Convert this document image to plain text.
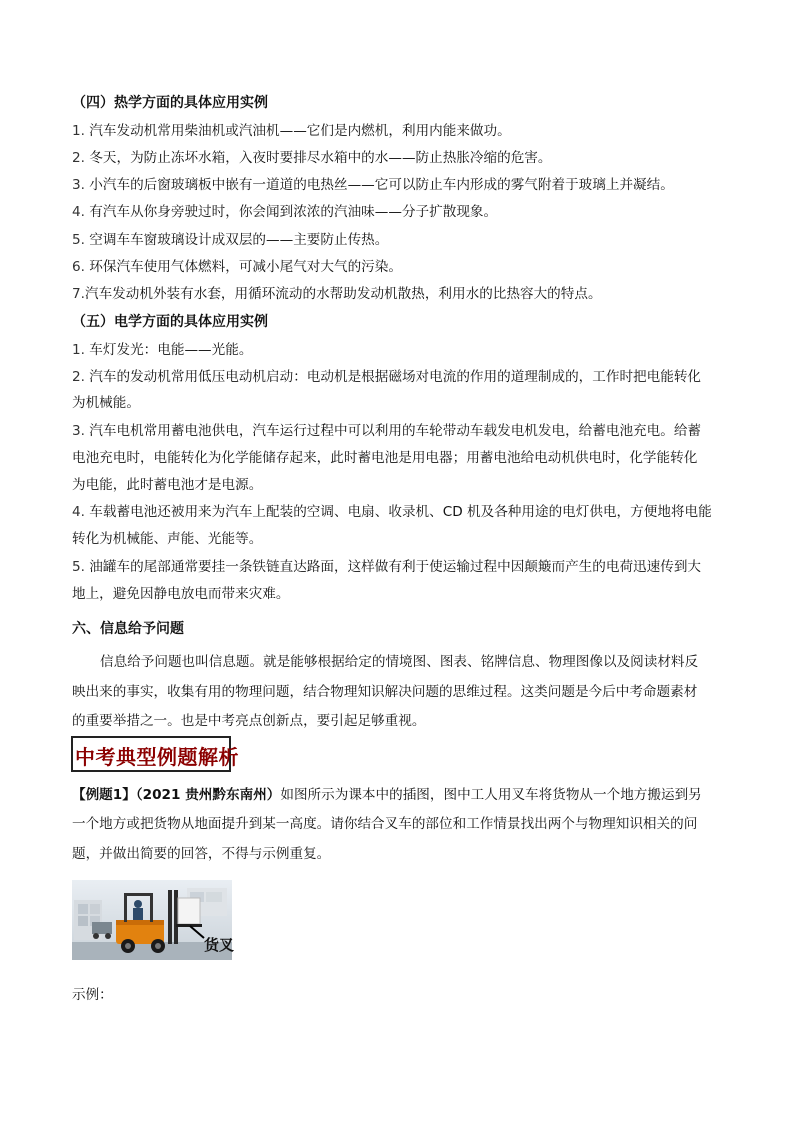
（四）热学方面的具体应用实例
1. 汽车发动机常用柴油机或汽油机——它们是内燃机，利用内能来做功。
2. 冬天，为防止冻坏水箱，入夜时要排尽水箱中的水——防止热胀冷缩的危害。
3. 小汽车的后窗玻璃板中嵌有一道道的电热丝——它可以防止车内形成的雾气附着于玻璃上并凝结。
4. 有汽车从你身旁驶过时，你会闻到浓浓的汽油味——分子扩散现象。
5. 空调车车窗玻璃设计成双层的——主要防止传热。
6. 环保汽车使用气体燃料，可减小尾气对大气的污染。
7.汽车发动机外装有水套，用循环流动的水帮助发动机散热，利用水的比热容大的特点。
（五）电学方面的具体应用实例
1. 车灯发光：电能——光能。
2. 汽车的发动机常用低压电动机启动：电动机是根据磁场对电流的作用的道理制成的，工作时把电能转化
为机械能。
3. 汽车电机常用蓄电池供电，汽车运行过程中可以利用的车轮带动车载发电机发电，给蓄电池充电。给蓄
电池充电时，电能转化为化学能储存起来，此时蓄电池是用电器；用蓄电池给电动机供电时，化学能转化
为电能，此时蓄电池才是电源。
4. 车载蓄电池还被用来为汽车上配装的空调、电扇、收录机、CD 机及各种用途的电灯供电，方便地将电能
转化为机械能、声能、光能等。
5. 油罐车的尾部通常要挂一条铁链直达路面，这样做有利于使运输过程中因颠簸而产生的电荷迅速传到大
地上，避免因静电放电而带来灾难。
六、信息给予问题
信息给予问题也叫信息题。就是能够根据给定的情境图、图表、铭牌信息、物理图像以及阅读材料反
映出来的事实，收集有用的物理问题，结合物理知识解决问题的思维过程。这类问题是今后中考命题素材
的重要举措之一。也是中考亮点创新点，要引起足够重视。
中考典型例题解析
【例题1】（2021 贵州黔东南州）如图所示为课本中的插图，图中工人用叉车将货物从一个地方搬运到另
一个地方或把货物从地面提升到某一高度。请你结合叉车的部位和工作情景找出两个与物理知识相关的问
题，并做出简要的回答，不得与示例重复。
货叉
示例：
